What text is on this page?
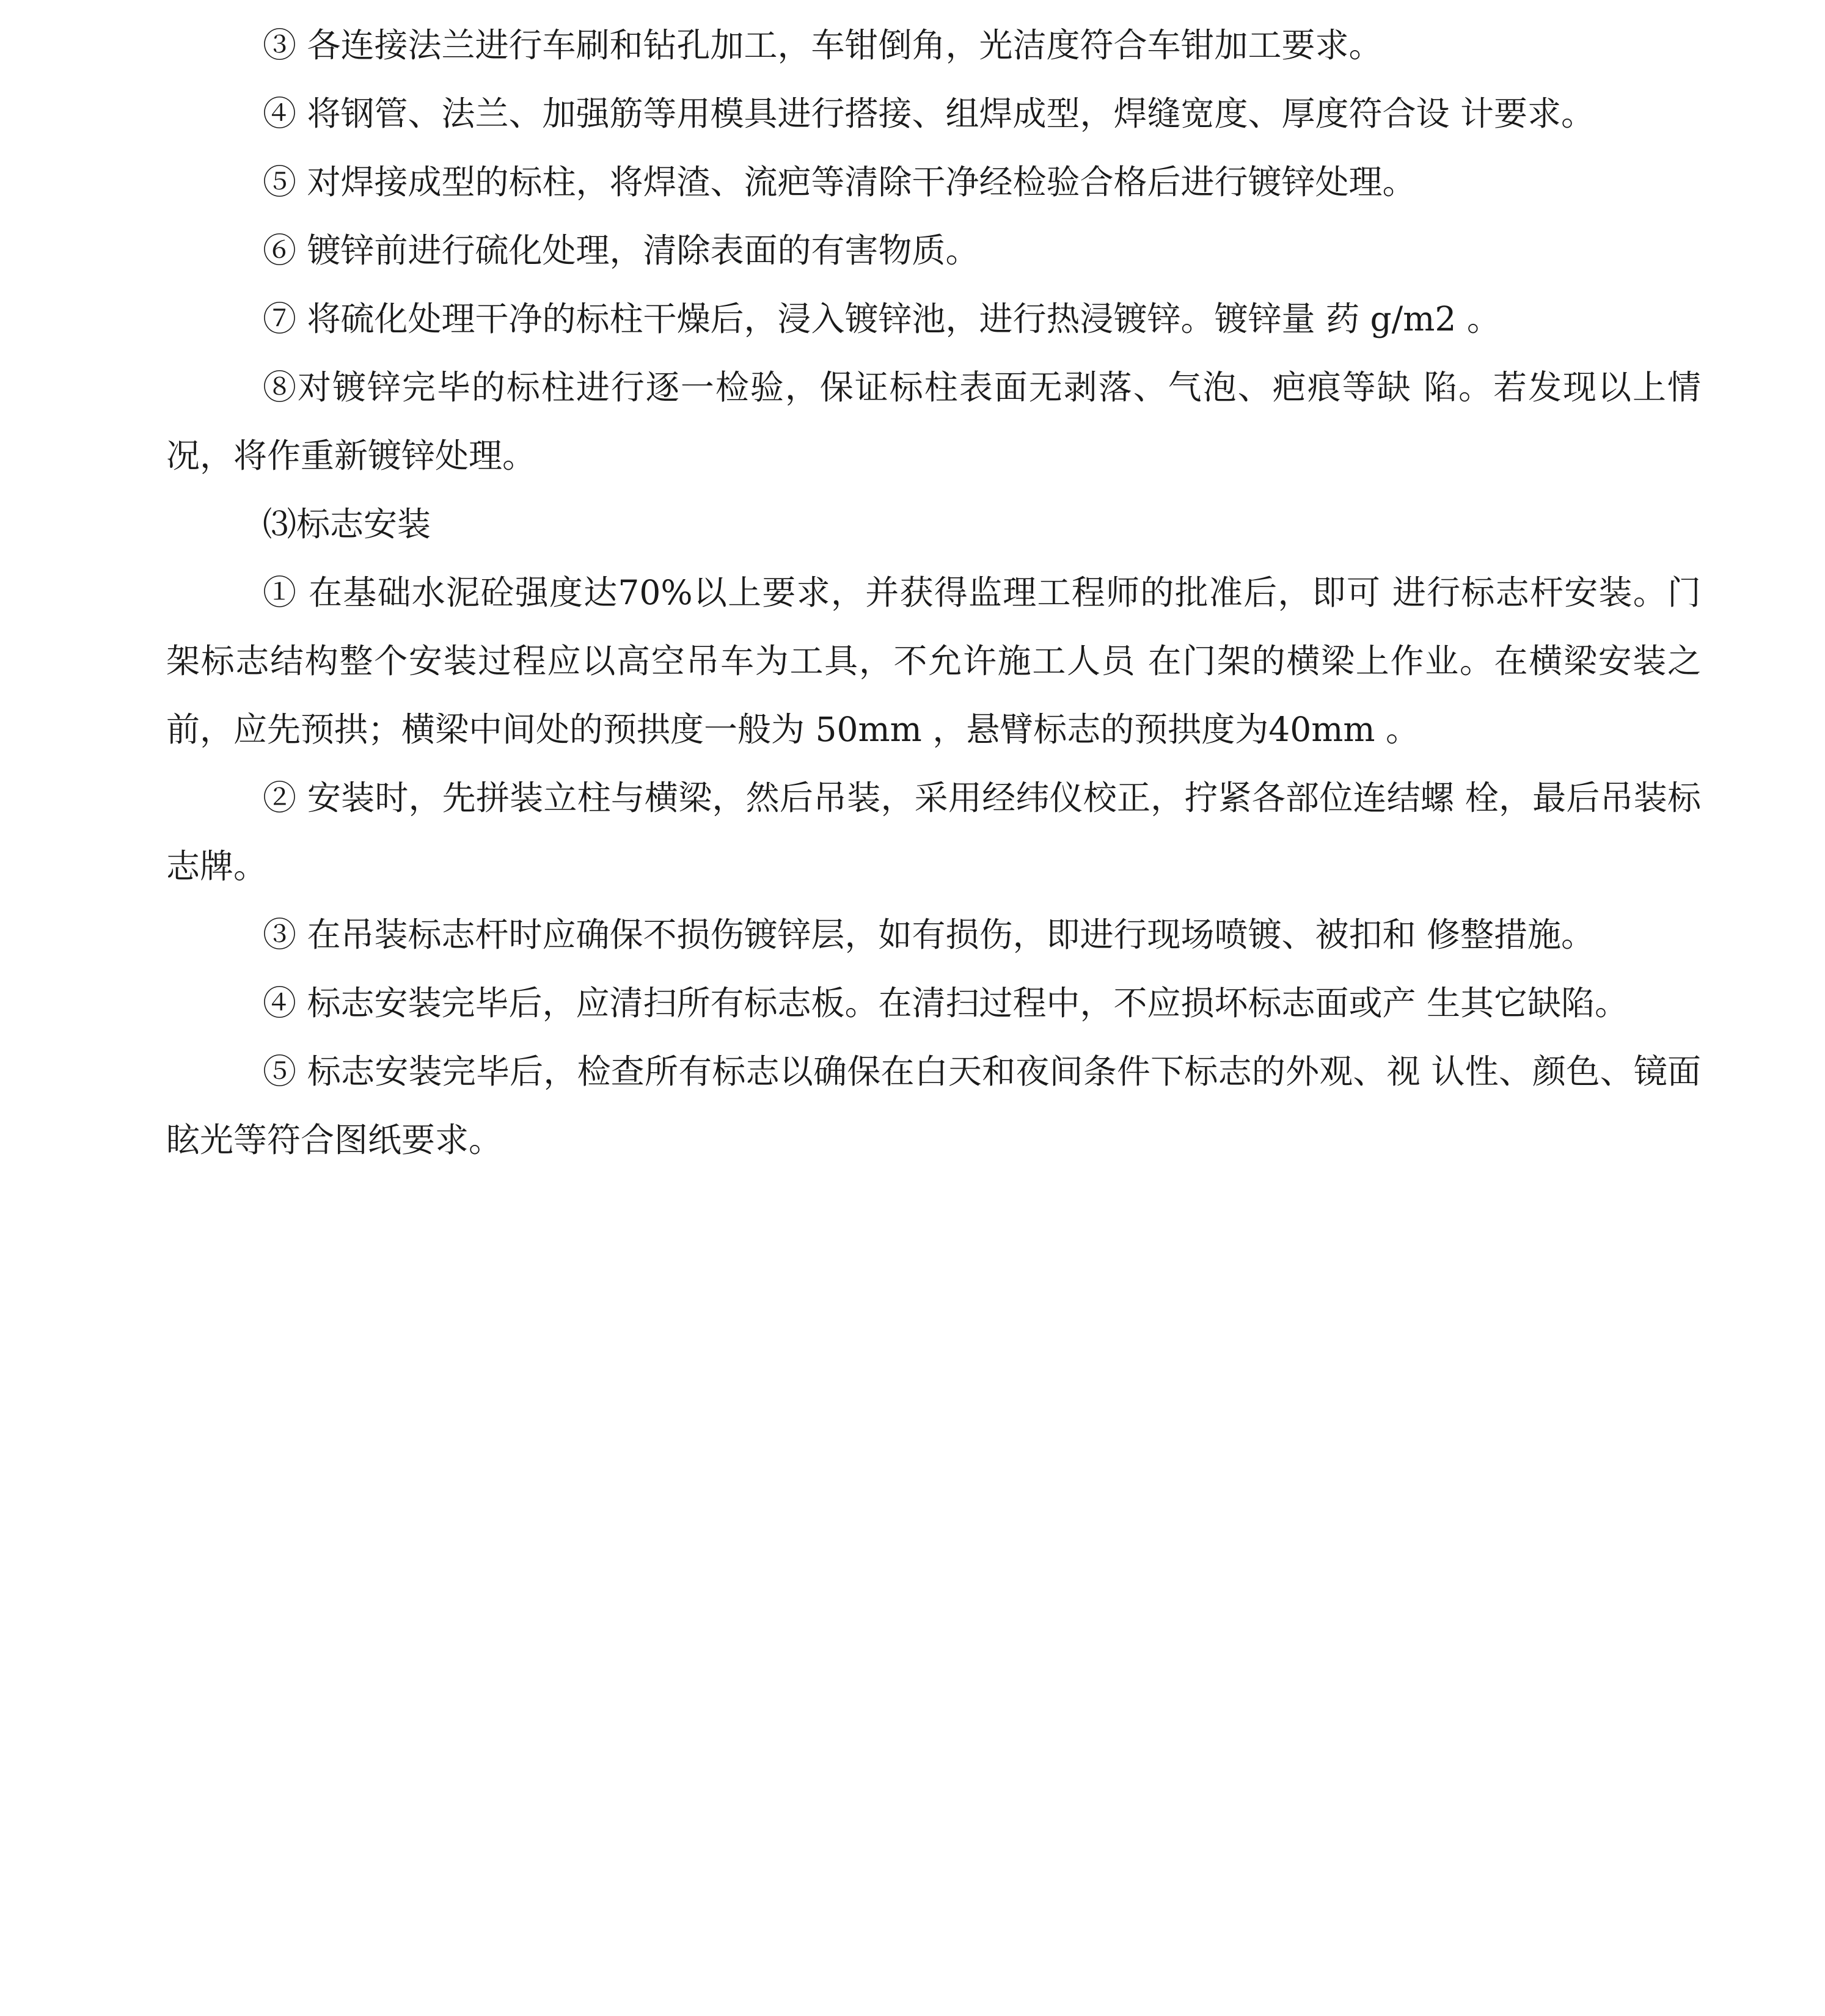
③ 各连接法兰进行车刷和钻孔加工，车钳倒角，光洁度符合车钳加工要求。

④ 将钢管、法兰、加强筋等用模具进行搭接、组焊成型，焊缝宽度、厚度符合设 计要求。

⑤ 对焊接成型的标柱，将焊渣、流疤等清除干净经检验合格后进行镀锌处理。

⑥ 镀锌前进行硫化处理，清除表面的有害物质。

⑦ 将硫化处理干净的标柱干燥后，浸入镀锌池，进行热浸镀锌。镀锌量 药 g/m2 。

⑧对镀锌完毕的标柱进行逐一检验，保证标柱表面无剥落、气泡、疤痕等缺 陷。若发现以上情况，将作重新镀锌处理。

⑶标志安装

① 在基础水泥砼强度达70%以上要求，并获得监理工程师的批准后，即可 进行标志杆安装。门架标志结构整个安装过程应以高空吊车为工具，不允许施工人员 在门架的横梁上作业。在横梁安装之前，应先预拱；横梁中间处的预拱度一般为 50mm ，悬臂标志的预拱度为40mm 。

② 安装时，先拼装立柱与横梁，然后吊装，采用经纬仪校正，拧紧各部位连结螺 栓，最后吊装标志牌。

③ 在吊装标志杆时应确保不损伤镀锌层，如有损伤，即进行现场喷镀、被扣和 修整措施。

④ 标志安装完毕后，应清扫所有标志板。在清扫过程中，不应损坏标志面或产 生其它缺陷。

⑤ 标志安装完毕后，检查所有标志以确保在白天和夜间条件下标志的外观、视 认性、颜色、镜面眩光等符合图纸要求。
